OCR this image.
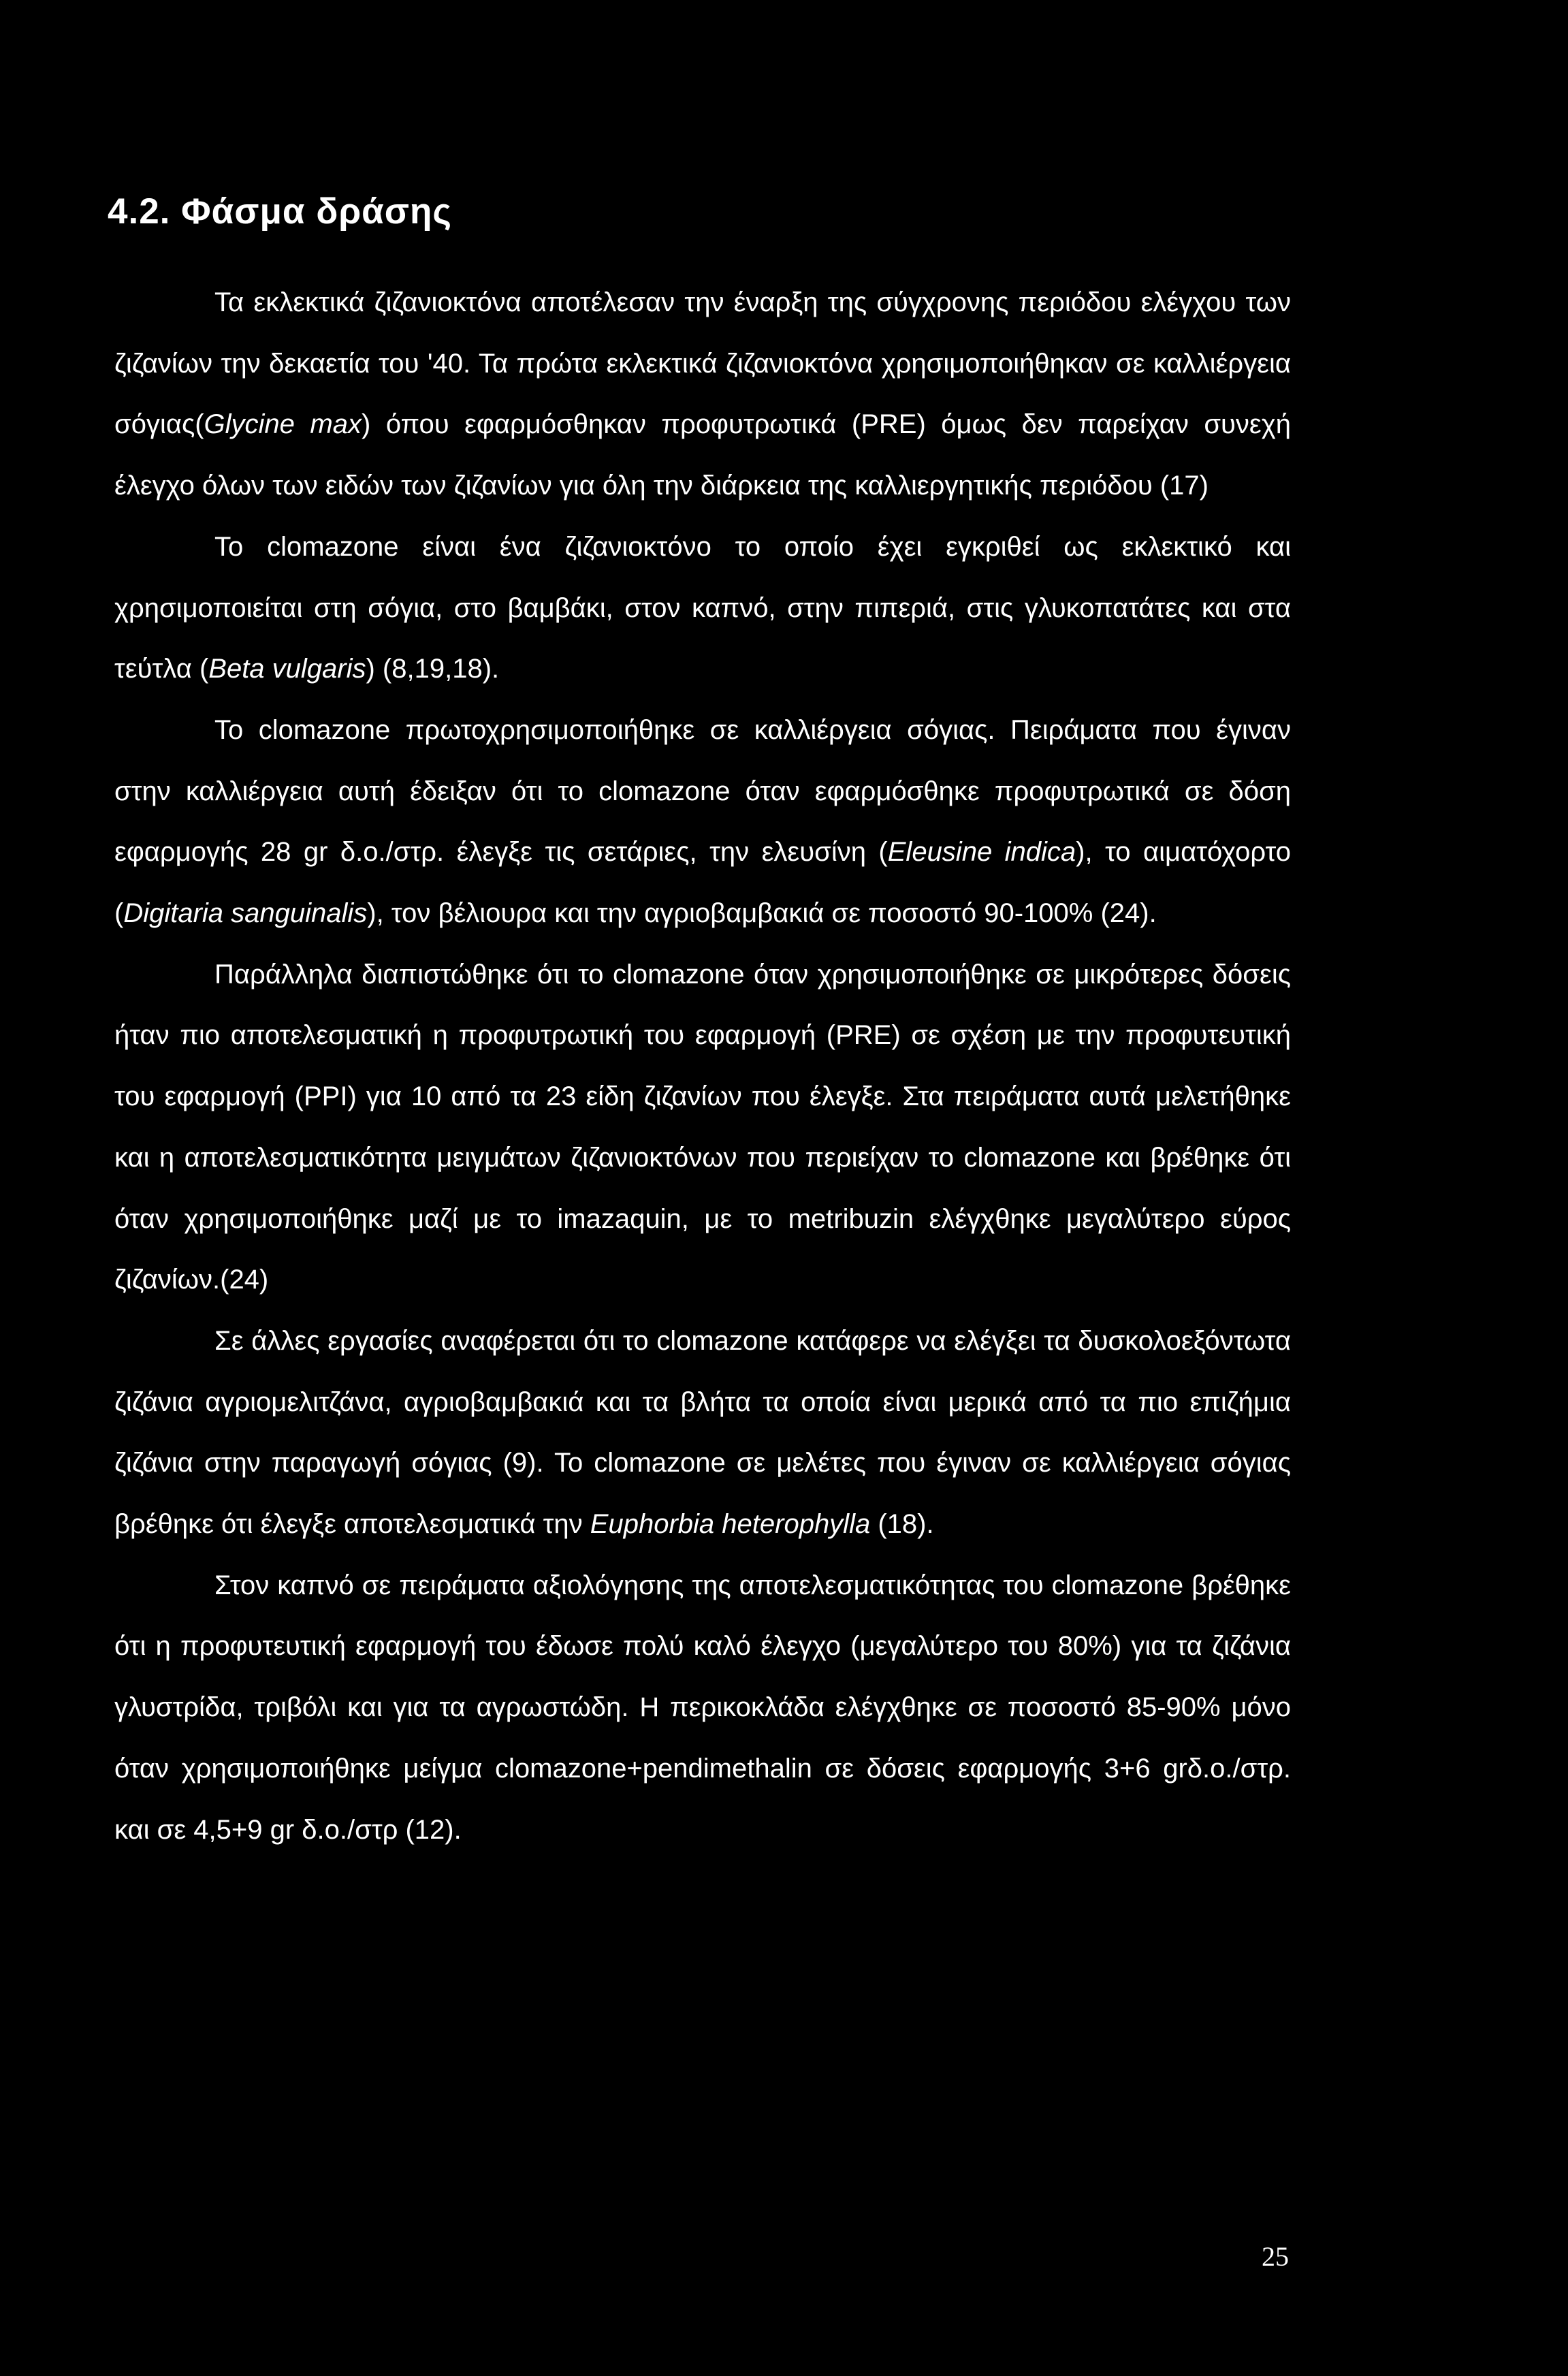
4.2. Φάσμα δράσης

Τα εκλεκτικά ζιζανιοκτόνα αποτέλεσαν την έναρξη της σύγχρονης περιόδου ελέγχου των ζιζανίων την δεκαετία του '40. Τα πρώτα εκλεκτικά ζιζανιοκτόνα χρησιμοποιήθηκαν σε καλλιέργεια σόγιας(Glycine max) όπου εφαρμόσθηκαν προφυτρωτικά (PRE) όμως δεν παρείχαν συνεχή έλεγχο όλων των ειδών των ζιζανίων για όλη την διάρκεια της καλλιεργητικής περιόδου (17)

Το clomazone είναι ένα ζιζανιοκτόνο το οποίο έχει εγκριθεί ως εκλεκτικό και χρησιμοποιείται στη σόγια, στο βαμβάκι, στον καπνό, στην πιπεριά, στις γλυκοπατάτες και στα τεύτλα (Beta vulgaris) (8,19,18).

Το clomazone πρωτοχρησιμοποιήθηκε σε καλλιέργεια σόγιας. Πειράματα που έγιναν στην καλλιέργεια αυτή έδειξαν ότι το clomazone όταν εφαρμόσθηκε προφυτρωτικά σε δόση εφαρμογής 28 gr δ.ο./στρ. έλεγξε τις σετάριες, την ελευσίνη (Eleusine indica), το αιματόχορτο (Digitaria sanguinalis), τον βέλιουρα και την αγριοβαμβακιά σε ποσοστό 90-100% (24).

Παράλληλα διαπιστώθηκε ότι το clomazone όταν χρησιμοποιήθηκε σε μικρότερες δόσεις ήταν πιο αποτελεσματική η προφυτρωτική του εφαρμογή (PRE) σε σχέση με την προφυτευτική του εφαρμογή (PPI) για 10 από τα 23 είδη ζιζανίων που έλεγξε. Στα πειράματα αυτά μελετήθηκε και η αποτελεσματικότητα μειγμάτων ζιζανιοκτόνων που περιείχαν το clomazone και βρέθηκε ότι όταν χρησιμοποιήθηκε μαζί με το imazaquin, με το metribuzin ελέγχθηκε μεγαλύτερο εύρος ζιζανίων.(24)

Σε άλλες εργασίες αναφέρεται ότι το clomazone κατάφερε να ελέγξει τα δυσκολοεξόντωτα ζιζάνια αγριομελιτζάνα, αγριοβαμβακιά και τα βλήτα τα οποία είναι μερικά από τα πιο επιζήμια ζιζάνια στην παραγωγή σόγιας (9). Το clomazone σε μελέτες που έγιναν σε καλλιέργεια σόγιας βρέθηκε ότι έλεγξε αποτελεσματικά την Euphorbia heterophylla (18).

Στον καπνό σε πειράματα αξιολόγησης της αποτελεσματικότητας του clomazone βρέθηκε ότι η προφυτευτική εφαρμογή του έδωσε πολύ καλό έλεγχο (μεγαλύτερο του 80%) για τα ζιζάνια γλυστρίδα, τριβόλι και για τα αγρωστώδη. Η περικοκλάδα ελέγχθηκε σε ποσοστό 85-90% μόνο όταν χρησιμοποιήθηκε μείγμα clomazone+pendimethalin σε δόσεις εφαρμογής 3+6 grδ.ο./στρ. και σε 4,5+9 gr δ.ο./στρ (12).

25
